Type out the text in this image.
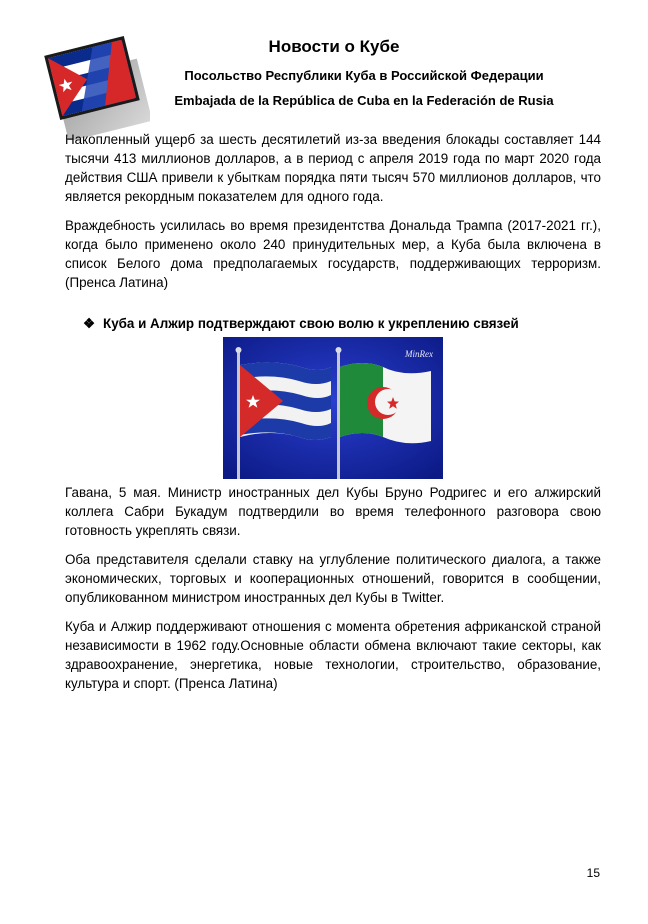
Новости о Кубе
Посольство Республики Куба в Российской Федерации
Embajada de la República de Cuba en la Federación de Rusia

Накопленный ущерб за шесть десятилетий из-за введения блокады составляет 144 тысячи 413 миллионов долларов, а в период с апреля 2019 года по март 2020 года действия США привели к убыткам порядка пяти тысяч 570 миллионов долларов, что является рекордным показателем для одного года.

Враждебность усилилась во время президентства Дональда Трампа (2017-2021 гг.), когда было применено около 240 принудительных мер, а Куба была включена в список Белого дома предполагаемых государств, поддерживающих терроризм. (Пренса Латина)

❖ Куба и Алжир подтверждают свою волю к укреплению связей
MinRex

Гавана, 5 мая. Министр иностранных дел Кубы Бруно Родригес и его алжирский коллега Сабри Букадум подтвердили во время телефонного разговора свою готовность укреплять связи.

Оба представителя сделали ставку на углубление политического диалога, а также экономических, торговых и кооперационных отношений, говорится в сообщении, опубликованном министром иностранных дел Кубы в Twitter.

Куба и Алжир поддерживают отношения с момента обретения африканской страной независимости в 1962 году.Основные области обмена включают такие секторы, как здравоохранение, энергетика, новые технологии, строительство, образование, культура и спорт. (Пренса Латина)

15
